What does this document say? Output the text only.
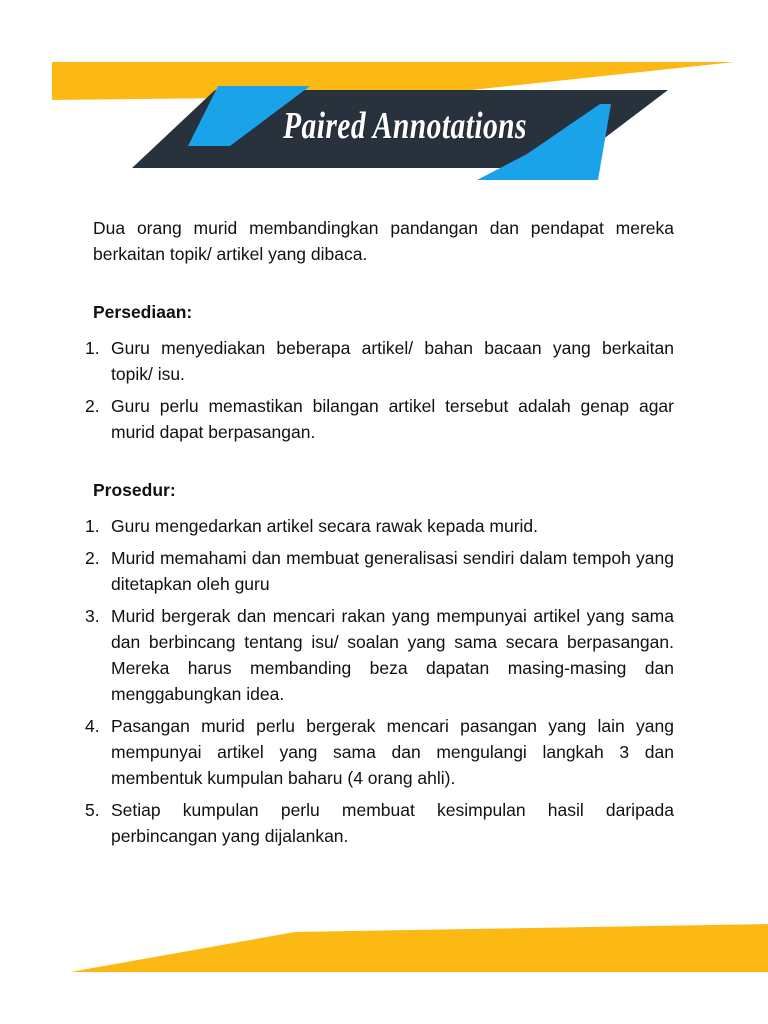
Paired Annotations

Dua orang murid membandingkan pandangan dan pendapat mereka berkaitan topik/ artikel yang dibaca.

Persediaan:
1. Guru menyediakan beberapa artikel/ bahan bacaan yang berkaitan topik/ isu.
2. Guru perlu memastikan bilangan artikel tersebut adalah genap agar murid dapat berpasangan.
Prosedur:
1. Guru mengedarkan artikel secara rawak kepada murid.
2. Murid memahami dan membuat generalisasi sendiri dalam tempoh yang ditetapkan oleh guru
3. Murid bergerak dan mencari rakan yang mempunyai artikel yang sama dan berbincang tentang isu/ soalan yang sama secara berpasangan. Mereka harus membanding beza dapatan masing-masing dan menggabungkan idea.
4. Pasangan murid perlu bergerak mencari pasangan yang lain yang mempunyai artikel yang sama dan mengulangi langkah 3 dan membentuk kumpulan baharu (4 orang ahli).
5. Setiap kumpulan perlu membuat kesimpulan hasil daripada perbincangan yang dijalankan.
